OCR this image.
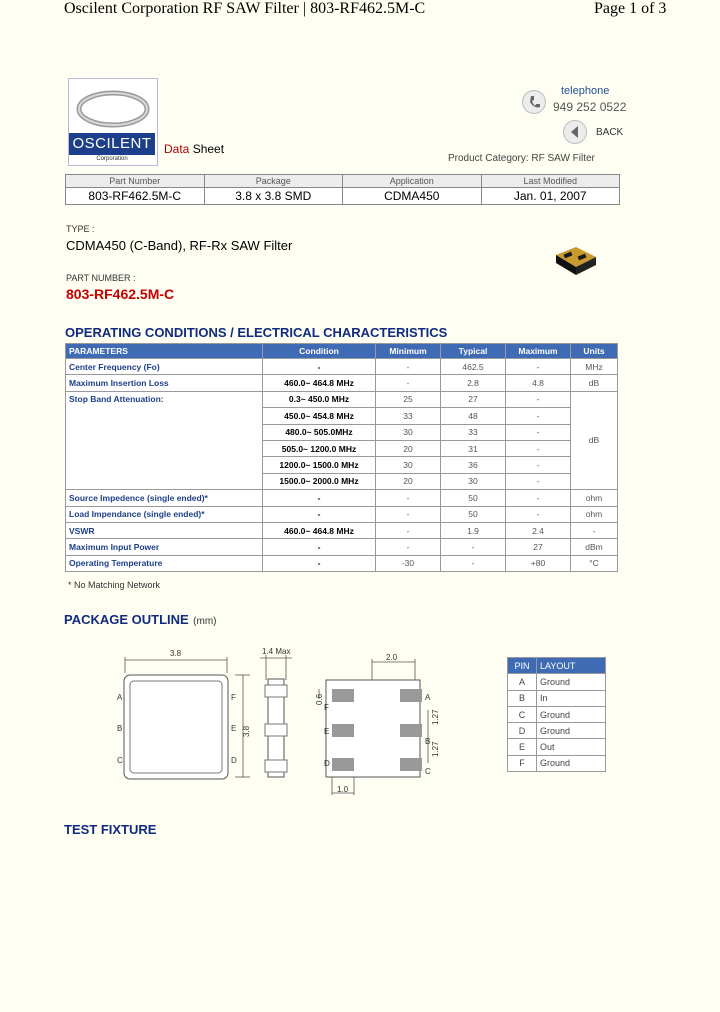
Oscilent Corporation RF SAW Filter | 803-RF462.5M-C	Page 1 of 3
OSCILENT
Corporation
Data Sheet
telephone
949 252 0522
BACK
Product Category: RF SAW Filter
Part Number	Package	Application	Last Modified
803-RF462.5M-C	3.8 x 3.8 SMD	CDMA450	Jan. 01, 2007
TYPE :
CDMA450 (C-Band), RF-Rx SAW Filter
PART NUMBER :
803-RF462.5M-C
OPERATING CONDITIONS / ELECTRICAL CHARACTERISTICS
PARAMETERS	Condition	Minimum	Typical	Maximum	Units
Center Frequency (Fo)	-	-	462.5	-	MHz
Maximum Insertion Loss	460.0~ 464.8 MHz	-	2.8	4.8	dB
Stop Band Attenuation:	0.3~ 450.0 MHz	25	27	-	dB
	450.0~ 454.8 MHz	33	48	-	
	480.0~ 505.0MHz	30	33	-	
	505.0~ 1200.0 MHz	20	31	-	
	1200.0~ 1500.0 MHz	30	36	-	
	1500.0~ 2000.0 MHz	20	30	-	
Source Impedence (single ended)*	-	-	50	-	ohm
Load Impendance (single ended)*	-	-	50	-	ohm
VSWR	460.0~ 464.8 MHz	-	1.9	2.4	-
Maximum Input Power	-	-	-	27	dBm
Operating Temperature	-	-30	-	+80	°C
* No Matching Network
PACKAGE OUTLINE (mm)
3.8	1.4 Max
2.0
1.0
3.8
0.6
1.27
1.27
A
B
C
F
E
D
F
E
D
A
B
C
PIN	LAYOUT
A	Ground
B	In
C	Ground
D	Ground
E	Out
F	Ground
TEST FIXTURE
